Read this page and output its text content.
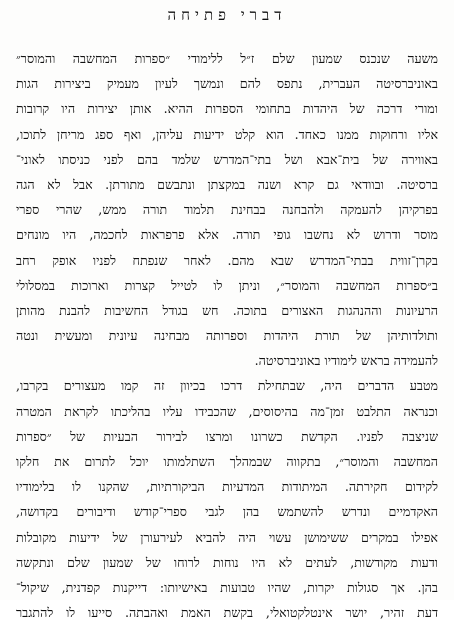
דברי פתיחה
משעה שנכנס שמעון שלם ז״ל ללימודי ״ספרות המחשבה והמוסר״
באוניברסיטה העברית, נתפס להם ונמשך לעיון מעמיק ביצירות הגות
ומורי דרכה של היהדות בתחומי הספרות ההיא. אותן יצירות היו קרובות
אליו ורחוקות ממנו כאחד. הוא קלט ידיעות עליהן, ואף ספג מריחן לתוכו,
באווירה של בית־אבא ושל בתי־המדרש שלמד בהם לפני כניסתו לאוני־
ברסיטה. ובוודאי גם קרא ושנה במקצתן ונתבשם מתורתן. אבל לא הגה
בפרקיהן להעמקה ולהבחנה בבחינת תלמוד תורה ממש, שהרי ספרי
מוסר ודרוש לא נחשבו גופי תורה. אלא פרפראות לחכמה, היו מונחים
בקרן־זווית בבתי־המדרש שבא מהם. לאחר שנפתח לפניו אופק רחב
ב״ספרות המחשבה והמוסר״, וניתן לו לטייל קצרות וארוכות במסלולי
הרעיונות וההנהגות האצורים בתוכה. חש בגודל החשיבות להבנת מהותן
ותולדותיהן של תורת היהדות וספרותה מבחינה עיונית ומעשית ונטה
להעמידה בראש לימודיו באוניברסיטה.
מטבע הדברים היה, שבתחילת דרכו בכיוון זה קמו מעצורים בקרבו,
וכנראה התלבט זמן־מה בהיסוסים, שהכבידו עליו בהליכתו לקראת המטרה
שניצבה לפניו. הקדשת כשרונו ומרצו לבירור הבעיות של ״ספרות
המחשבה והמוסר״, בתקווה שבמהלך השתלמותו יוכל לתרום את חלקו
לקידום חקירתה. המיתודות המדעיות הביקורתיות, שהקנו לו בלימודיו
האקדמיים ונדרש להשתמש בהן לגבי ספרי־קודש ודיבורים בקדושה,
אפילו במקרים ששימושן עשוי היה להביא לעירעורן של ידיעות מקובלות
ודעות מקודשות, לעתים לא היו נוחות לרוחו של שמעון שלם ונתקשה
בהן. אך סגולות יקרות, שהיו טבועות באישיותו: דייקנות קפדנית, שיקול־
דעת זהיר, יושר אינטלקטואלי, בקשת האמת ואהבתה. סייעו לו להתגבר
